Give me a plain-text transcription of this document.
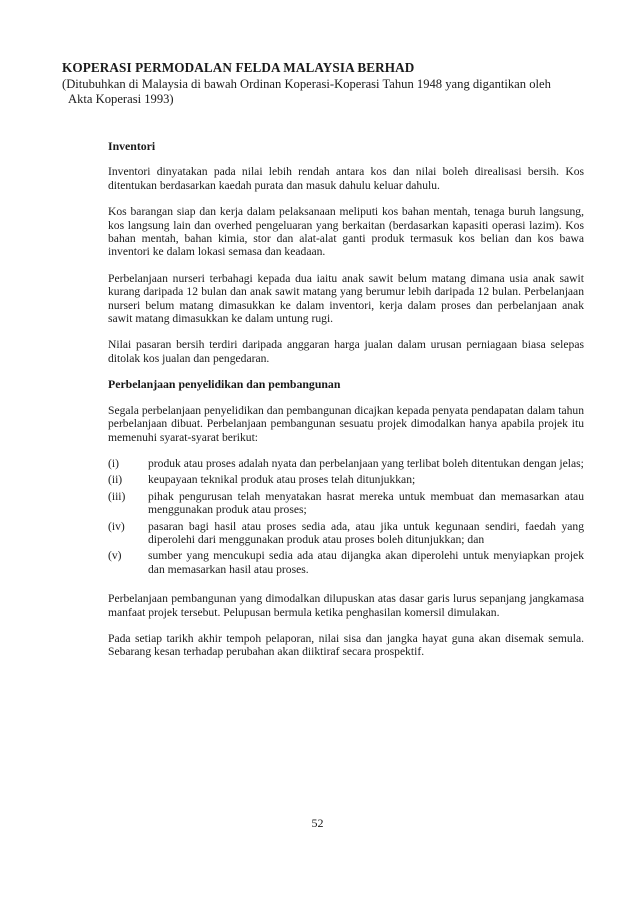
KOPERASI PERMODALAN FELDA MALAYSIA BERHAD

(Ditubuhkan di Malaysia di bawah Ordinan Koperasi-Koperasi Tahun 1948 yang digantikan oleh
Akta Koperasi 1993)

Inventori

Inventori dinyatakan pada nilai lebih rendah antara kos dan nilai boleh direalisasi bersih. Kos ditentukan berdasarkan kaedah purata dan masuk dahulu keluar dahulu.

Kos barangan siap dan kerja dalam pelaksanaan meliputi kos bahan mentah, tenaga buruh langsung, kos langsung lain dan overhed pengeluaran yang berkaitan (berdasarkan kapasiti operasi lazim). Kos bahan mentah, bahan kimia, stor dan alat-alat ganti produk termasuk kos belian dan kos bawa inventori ke dalam lokasi semasa dan keadaan.

Perbelanjaan nurseri terbahagi kepada dua iaitu anak sawit belum matang dimana usia anak sawit kurang daripada 12 bulan dan anak sawit matang yang berumur lebih daripada 12 bulan. Perbelanjaan nurseri belum matang dimasukkan ke dalam inventori, kerja dalam proses dan perbelanjaan anak sawit matang dimasukkan ke dalam untung rugi.

Nilai pasaran bersih terdiri daripada anggaran harga jualan dalam urusan perniagaan biasa selepas ditolak kos jualan dan pengedaran.

Perbelanjaan penyelidikan dan pembangunan

Segala perbelanjaan penyelidikan dan pembangunan dicajkan kepada penyata pendapatan dalam tahun perbelanjaan dibuat. Perbelanjaan pembangunan sesuatu projek dimodalkan hanya apabila projek itu memenuhi syarat-syarat berikut:

(i)	produk atau proses adalah nyata dan perbelanjaan yang terlibat boleh ditentukan dengan jelas;
(ii)	keupayaan teknikal produk atau proses telah ditunjukkan;
(iii)	pihak pengurusan telah menyatakan hasrat mereka untuk membuat dan memasarkan atau menggunakan produk atau proses;
(iv)	pasaran bagi hasil atau proses sedia ada, atau jika untuk kegunaan sendiri, faedah yang diperolehi dari menggunakan produk atau proses boleh ditunjukkan; dan
(v)	sumber yang mencukupi sedia ada atau dijangka akan diperolehi untuk menyiapkan projek dan memasarkan hasil atau proses.

Perbelanjaan pembangunan yang dimodalkan dilupuskan atas dasar garis lurus sepanjang jangkamasa manfaat projek tersebut. Pelupusan bermula ketika penghasilan komersil dimulakan.

Pada setiap tarikh akhir tempoh pelaporan, nilai sisa dan jangka hayat guna akan disemak semula. Sebarang kesan terhadap perubahan akan diiktiraf secara prospektif.

52
